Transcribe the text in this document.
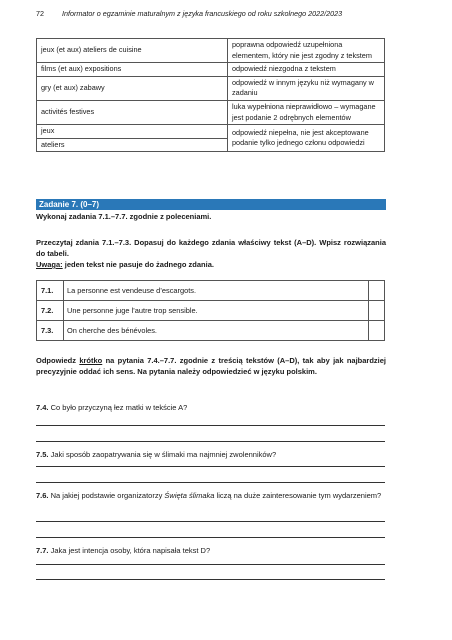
72	Informator o egzaminie maturalnym z języka francuskiego od roku szkolnego 2022/2023
jeux (et aux) ateliers de cuisine	poprawna odpowiedź uzupełniona elementem, który nie jest zgodny z tekstem
films (et aux) expositions	odpowiedź niezgodna z tekstem
gry (et aux) zabawy	odpowiedź w innym języku niż wymagany w zadaniu
activités festives	luka wypełniona nieprawidłowo – wymagane jest podanie 2 odrębnych elementów
jeux	odpowiedź niepełna, nie jest akceptowane podanie tylko jednego członu odpowiedzi
ateliers	
Zadanie 7. (0–7)
Wykonaj zadania 7.1.–7.7. zgodnie z poleceniami.
Przeczytaj zdania 7.1.–7.3. Dopasuj do każdego zdania właściwy tekst (A–D). Wpisz rozwiązania do tabeli.
Uwaga: jeden tekst nie pasuje do żadnego zdania.
7.1.	La personne est vendeuse d’escargots.	
7.2.	Une personne juge l’autre trop sensible.	
7.3.	On cherche des bénévoles.	
Odpowiedz krótko na pytania 7.4.–7.7. zgodnie z treścią tekstów (A–D), tak aby jak najbardziej precyzyjnie oddać ich sens. Na pytania należy odpowiedzieć w języku polskim.
7.4. Co było przyczyną łez matki w tekście A?
7.5. Jaki sposób zaopatrywania się w ślimaki ma najmniej zwolenników?
7.6. Na jakiej podstawie organizatorzy Święta ślimaka liczą na duże zainteresowanie tym wydarzeniem?
7.7. Jaka jest intencja osoby, która napisała tekst D?
